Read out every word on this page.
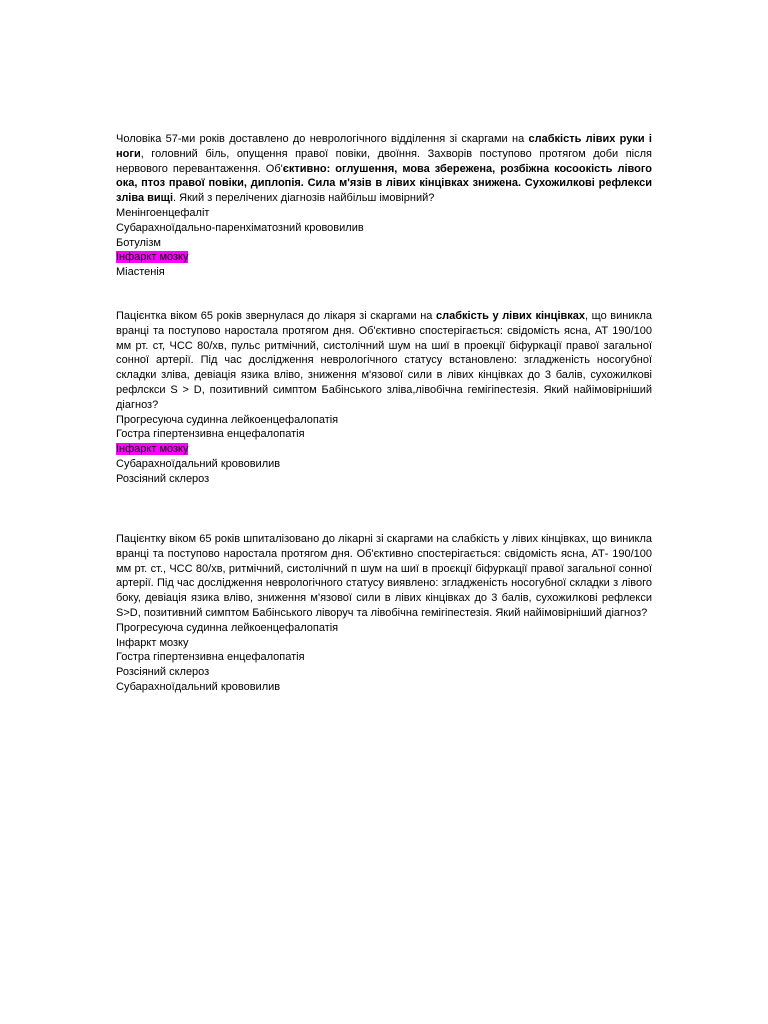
Чоловіка 57-ми років доставлено до неврологічного відділення зі скаргами на слабкість лівих руки і ноги, головний біль, опущення правої повіки, двоїння. Захворів поступово протягом доби після нервового перевантаження. Об'єктивно: оглушення, мова збережена, розбіжна косоокість лівого ока, птоз правої повіки, диплопія. Сила м'язів в лівих кінцівках знижена. Сухожилкові рефлекси зліва вищі. Який з перелічених діагнозів найбільш імовірний?

Менінгоенцефаліт
Субарахноїдально-паренхіматозний крововилив
Ботулізм
Інфаркт мозку
Міастенія

Пацієнтка віком 65 років звернулася до лікаря зі скаргами на слабкість у лівих кінцівках, що виникла вранці та поступово наростала протягом дня. Об'єктивно спостерігається: свідомість ясна, АТ 190/100 мм рт. ст, ЧСС 80/хв, пульс ритмічний, систолічний шум на шиї в проекції біфуркації правої загальної сонної артерії. Під час дослідження неврологічного статусу встановлено: згладженість носогубної складки зліва, девіація язика вліво, зниження м'язової сили в лівих кінцівках до 3 балів, сухожилкові рефлскси S > D, позитивний симптом Бабінського зліва,лівобічна гемігіпестезія. Який найімовірніший діагноз?

Прогресуюча судинна лейкоенцефалопатія
Гостра гіпертензивна енцефалопатія
Інфаркт мозку
Субарахноїдальний крововилив
Розсіяний склероз

Пацієнтку віком 65 років шпиталізовано до лікарні зі скаргами на слабкість у лівих кінцівках, що виникла вранці та поступово наростала протягом дня. Об'єктивно спостерігається: свідомість ясна, АТ- 190/100 мм рт. ст., ЧСС 80/хв, ритмічний, систолічний п шум на шиї в проєкції біфуркації правої загальної сонної артерії. Під час дослідження неврологічного статусу виявлено: згладженість носогубної складки з лівого боку, девіація язика вліво, зниження м'язової сили в лівих кінцівках до 3 балів, сухожилкові рефлекси S>D, позитивний симптом Бабінського ліворуч та лівобічна гемігіпестезія. Який найімовірніший діагноз?

Прогресуюча судинна лейкоенцефалопатія
Інфаркт мозку
Гостра гіпертензивна енцефалопатія
Розсіяний склероз
Субарахноїдальний крововилив
